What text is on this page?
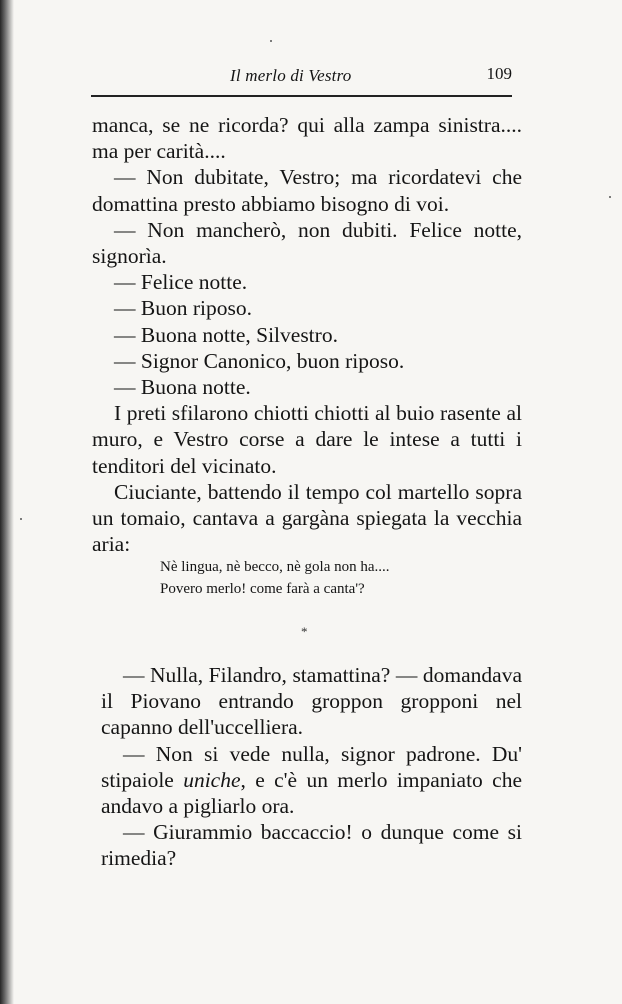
Il merlo di Vestro	109

manca, se ne ricorda? qui alla zampa sinistra.... ma per carità....

— Non dubitate, Vestro; ma ricordatevi che domattina presto abbiamo bisogno di voi.

— Non mancherò, non dubiti. Felice notte, signorìa.

— Felice notte.

— Buon riposo.

— Buona notte, Silvestro.

— Signor Canonico, buon riposo.

— Buona notte.

I preti sfilarono chiotti chiotti al buio rasente al muro, e Vestro corse a dare le intese a tutti i tenditori del vicinato.

Ciuciante, battendo il tempo col martello sopra un tomaio, cantava a gargàna spiegata la vecchia aria:

Nè lingua, nè becco, nè gola non ha....

Povero merlo! come farà a canta'?

*

— Nulla, Filandro, stamattina? — domandava il Piovano entrando groppon gropponi nel capanno dell'uccelliera.

— Non si vede nulla, signor padrone. Du' stipaiole uniche, e c'è un merlo impaniato che andavo a pigliarlo ora.

— Giurammio baccaccio! o dunque come si rimedia?
